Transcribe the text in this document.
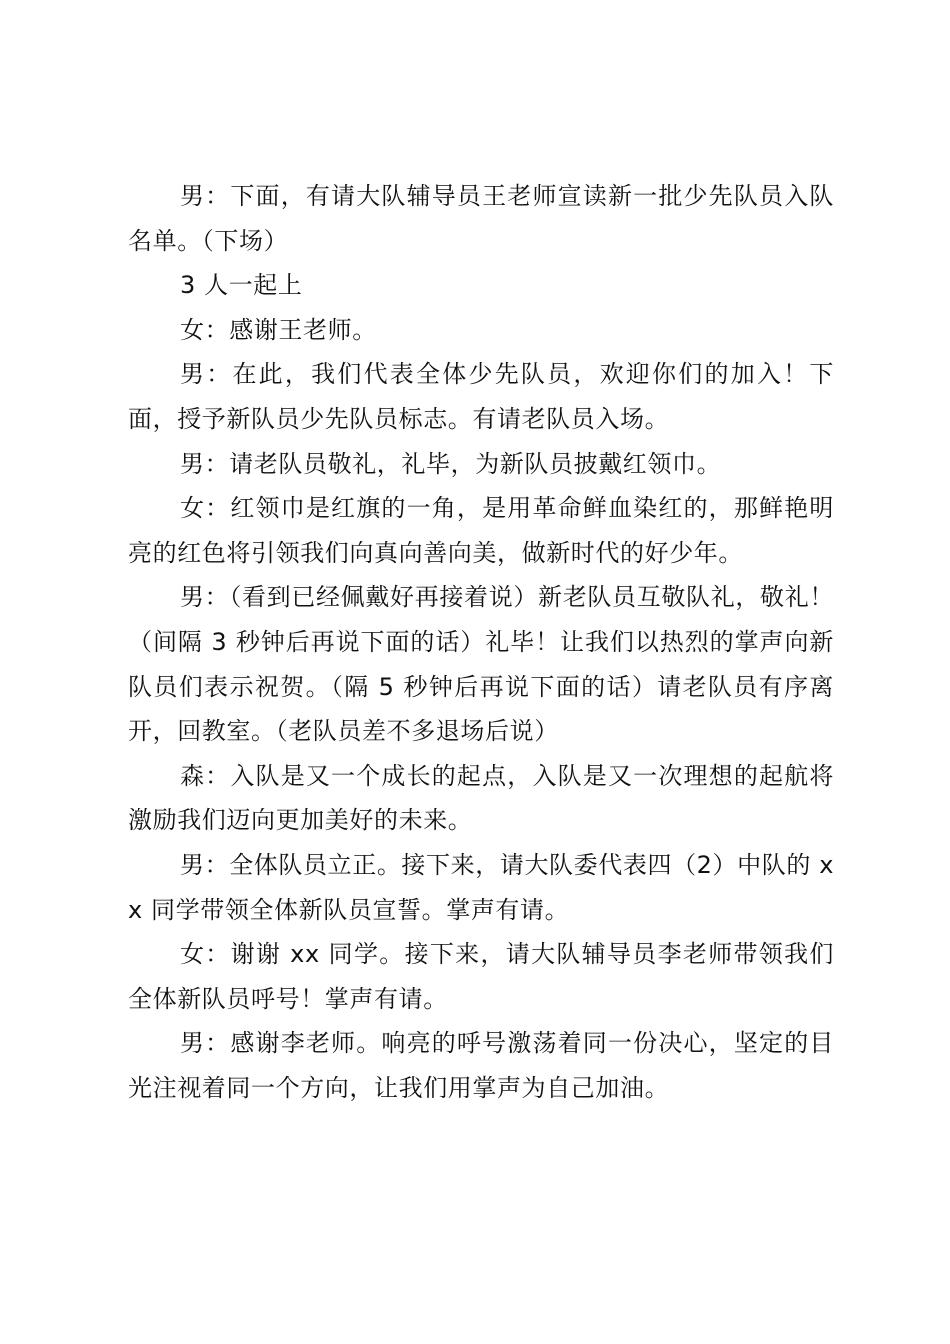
男：下面，有请大队辅导员王老师宣读新一批少先队员入队名单。（下场）

3 人一起上

女：感谢王老师。

男：在此，我们代表全体少先队员，欢迎你们的加入！下面，授予新队员少先队员标志。有请老队员入场。

男：请老队员敬礼，礼毕，为新队员披戴红领巾。

女：红领巾是红旗的一角，是用革命鲜血染红的，那鲜艳明亮的红色将引领我们向真向善向美，做新时代的好少年。

男：（看到已经佩戴好再接着说）新老队员互敬队礼，敬礼！（间隔 3 秒钟后再说下面的话）礼毕！让我们以热烈的掌声向新队员们表示祝贺。（隔 5 秒钟后再说下面的话）请老队员有序离开，回教室。（老队员差不多退场后说）

森：入队是又一个成长的起点，入队是又一次理想的起航将激励我们迈向更加美好的未来。

男：全体队员立正。接下来，请大队委代表四（2）中队的 xx 同学带领全体新队员宣誓。掌声有请。

女：谢谢 xx 同学。接下来，请大队辅导员李老师带领我们全体新队员呼号！掌声有请。

男：感谢李老师。响亮的呼号激荡着同一份决心，坚定的目光注视着同一个方向，让我们用掌声为自己加油。
